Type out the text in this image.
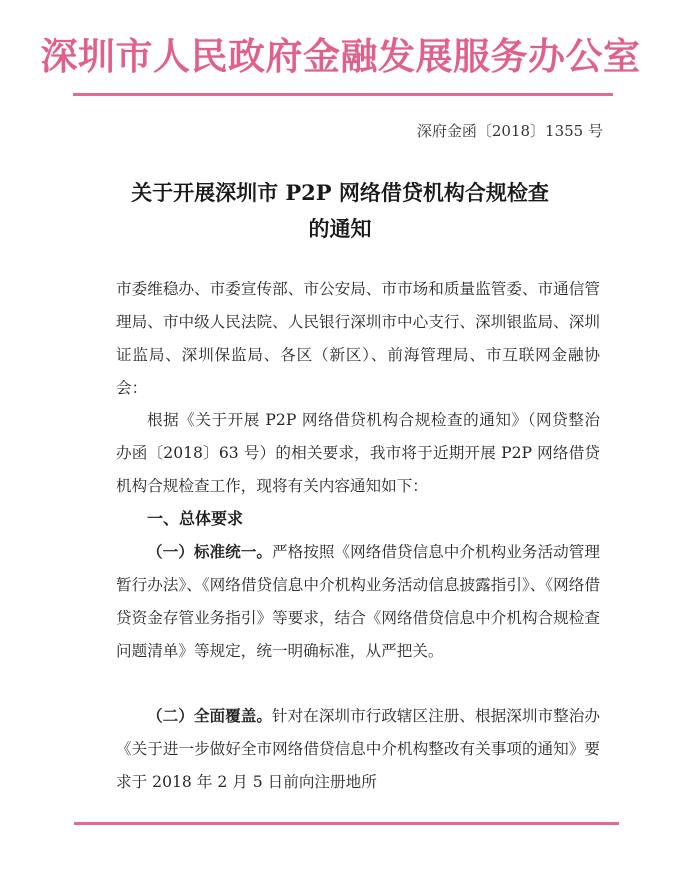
深圳市人民政府金融发展服务办公室
深府金函〔2018〕1355 号
关于开展深圳市 P2P 网络借贷机构合规检查
的通知
市委维稳办、市委宣传部、市公安局、市市场和质量监管委、市通信管理局、市中级人民法院、人民银行深圳市中心支行、深圳银监局、深圳证监局、深圳保监局、各区（新区）、前海管理局、市互联网金融协会：
根据《关于开展 P2P 网络借贷机构合规检查的通知》（网贷整治办函〔2018〕63 号）的相关要求，我市将于近期开展 P2P 网络借贷机构合规检查工作，现将有关内容通知如下：
一、总体要求
（一）标准统一。严格按照《网络借贷信息中介机构业务活动管理暂行办法》、《网络借贷信息中介机构业务活动信息披露指引》、《网络借贷资金存管业务指引》等要求，结合《网络借贷信息中介机构合规检查问题清单》等规定，统一明确标准，从严把关。
（二）全面覆盖。针对在深圳市行政辖区注册、根据深圳市整治办《关于进一步做好全市网络借贷信息中介机构整改有关事项的通知》要求于 2018 年 2 月 5 日前向注册地所
